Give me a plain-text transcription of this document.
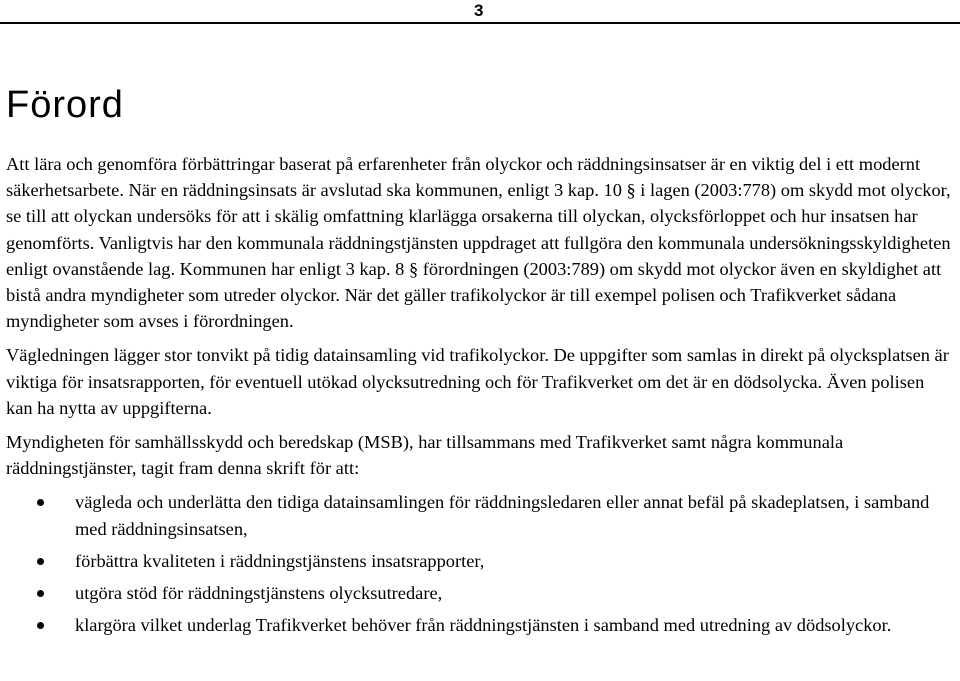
3
Förord

Att lära och genomföra förbättringar baserat på erfarenheter från olyckor och räddningsinsatser är en viktig del i ett modernt säkerhetsarbete. När en räddningsinsats är avslutad ska kommunen, enligt 3 kap. 10 § i lagen (2003:778) om skydd mot olyckor, se till att olyckan undersöks för att i skälig omfattning klarlägga orsakerna till olyckan, olycksförloppet och hur insatsen har genomförts. Vanligtvis har den kommunala räddningstjänsten uppdraget att fullgöra den kommunala undersökningsskyldigheten enligt ovanstående lag. Kommunen har enligt 3 kap. 8 § förordningen (2003:789) om skydd mot olyckor även en skyldighet att bistå andra myndigheter som utreder olyckor. När det gäller trafikolyckor är till exempel polisen och Trafikverket sådana myndigheter som avses i förordningen.

Vägledningen lägger stor tonvikt på tidig datainsamling vid trafikolyckor. De uppgifter som samlas in direkt på olycksplatsen är viktiga för insatsrapporten, för eventuell utökad olycksutredning och för Trafikverket om det är en dödsolycka. Även polisen kan ha nytta av uppgifterna.

Myndigheten för samhällsskydd och beredskap (MSB), har tillsammans med Trafikverket samt några kommunala räddningstjänster, tagit fram denna skrift för att:

vägleda och underlätta den tidiga datainsamlingen för räddningsledaren eller annat befäl på skadeplatsen, i samband med räddningsinsatsen,
förbättra kvaliteten i räddningstjänstens insatsrapporter,
utgöra stöd för räddningstjänstens olycksutredare,
klargöra vilket underlag Trafikverket behöver från räddningstjänsten i samband med utredning av dödsolyckor.
